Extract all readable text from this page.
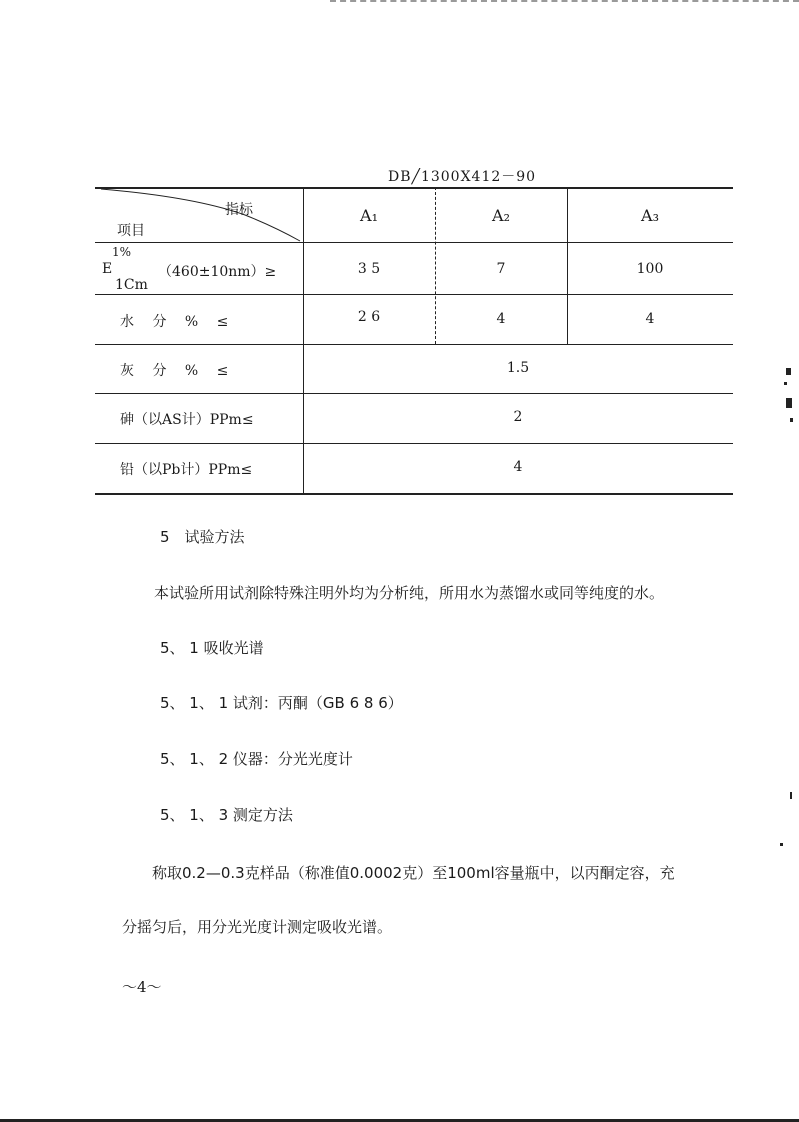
DB╱1300X412－90
指标
项目
A₁	A₂	A₃
E
1%
1Cm
（460±10nm）≥	3 5	7	100
水　 分　 %　 ≤	2 6	4	4
灰　 分　 %　 ≤	1.5
砷（以AS计）PPm≤	2
铅（以Pb计）PPm≤	4
5　试验方法
本试验所用试剂除特殊注明外均为分析纯，所用水为蒸馏水或同等纯度的水。
5、 1 吸收光谱
5、 1、 1 试剂：丙酮（GB 6 8 6）
5、 1、 2 仪器：分光光度计
5、 1、 3 测定方法
称取0.2—0.3克样品（称准值0.0002克）至100ml容量瓶中，以丙酮定容，充
分摇匀后，用分光光度计测定吸收光谱。
～4～
